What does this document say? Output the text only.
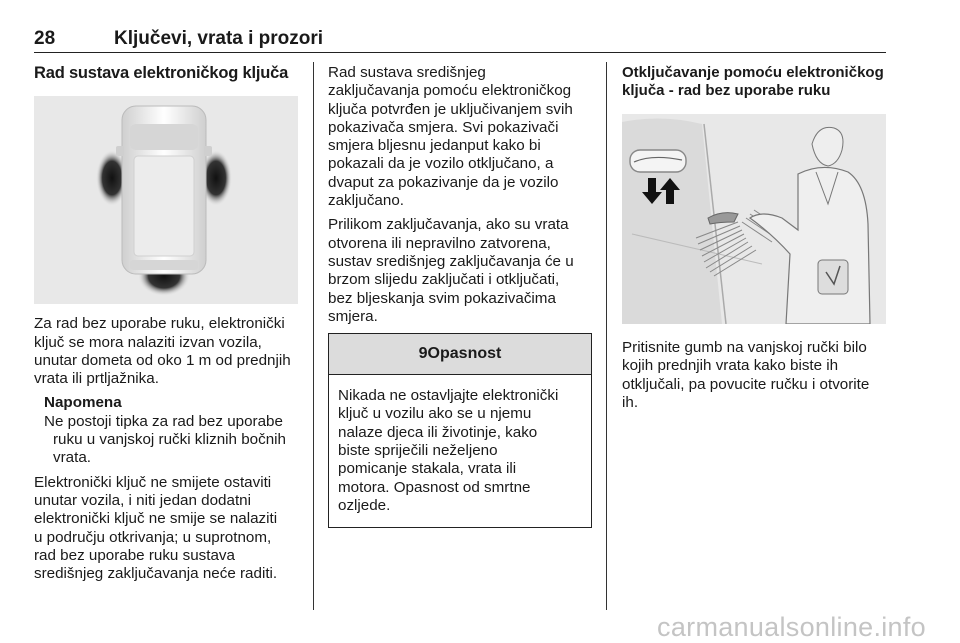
28	Ključevi, vrata i prozori

Rad sustava elektroničkog ključa

Za rad bez uporabe ruku, elektronički
ključ se mora nalaziti izvan vozila,
unutar dometa od oko 1 m od prednjih
vrata ili prtljažnika.

Napomena

Ne postoji tipka za rad bez uporabe
ruku u vanjskoj ručki kliznih bočnih
vrata.

Elektronički ključ ne smijete ostaviti
unutar vozila, i niti jedan dodatni
elektronički ključ ne smije se nalaziti
u području otkrivanja; u suprotnom,
rad bez uporabe ruku sustava
središnjeg zaključavanja neće raditi.

Rad sustava središnjeg
zaključavanja pomoću elektroničkog
ključa potvrđen je uključivanjem svih
pokazivača smjera. Svi pokazivači
smjera bljesnu jedanput kako bi
pokazali da je vozilo otključano, a
dvaput za pokazivanje da je vozilo
zaključano.

Prilikom zaključavanja, ako su vrata
otvorena ili nepravilno zatvorena,
sustav središnjeg zaključavanja će u
brzom slijedu zaključati i otključati,
bez bljeskanja svim pokazivačima
smjera.

9Opasnost
Nikada ne ostavljajte elektronički
ključ u vozilu ako se u njemu
nalaze djeca ili životinje, kako
biste spriječili neželjeno
pomicanje stakala, vrata ili
motora. Opasnost od smrtne
ozljede.

Otključavanje pomoću elektroničkog
ključa - rad bez uporabe ruku

Pritisnite gumb na vanjskoj ručki bilo
kojih prednjih vrata kako biste ih
otključali, pa povucite ručku i otvorite
ih.

carmanualsonline.info
